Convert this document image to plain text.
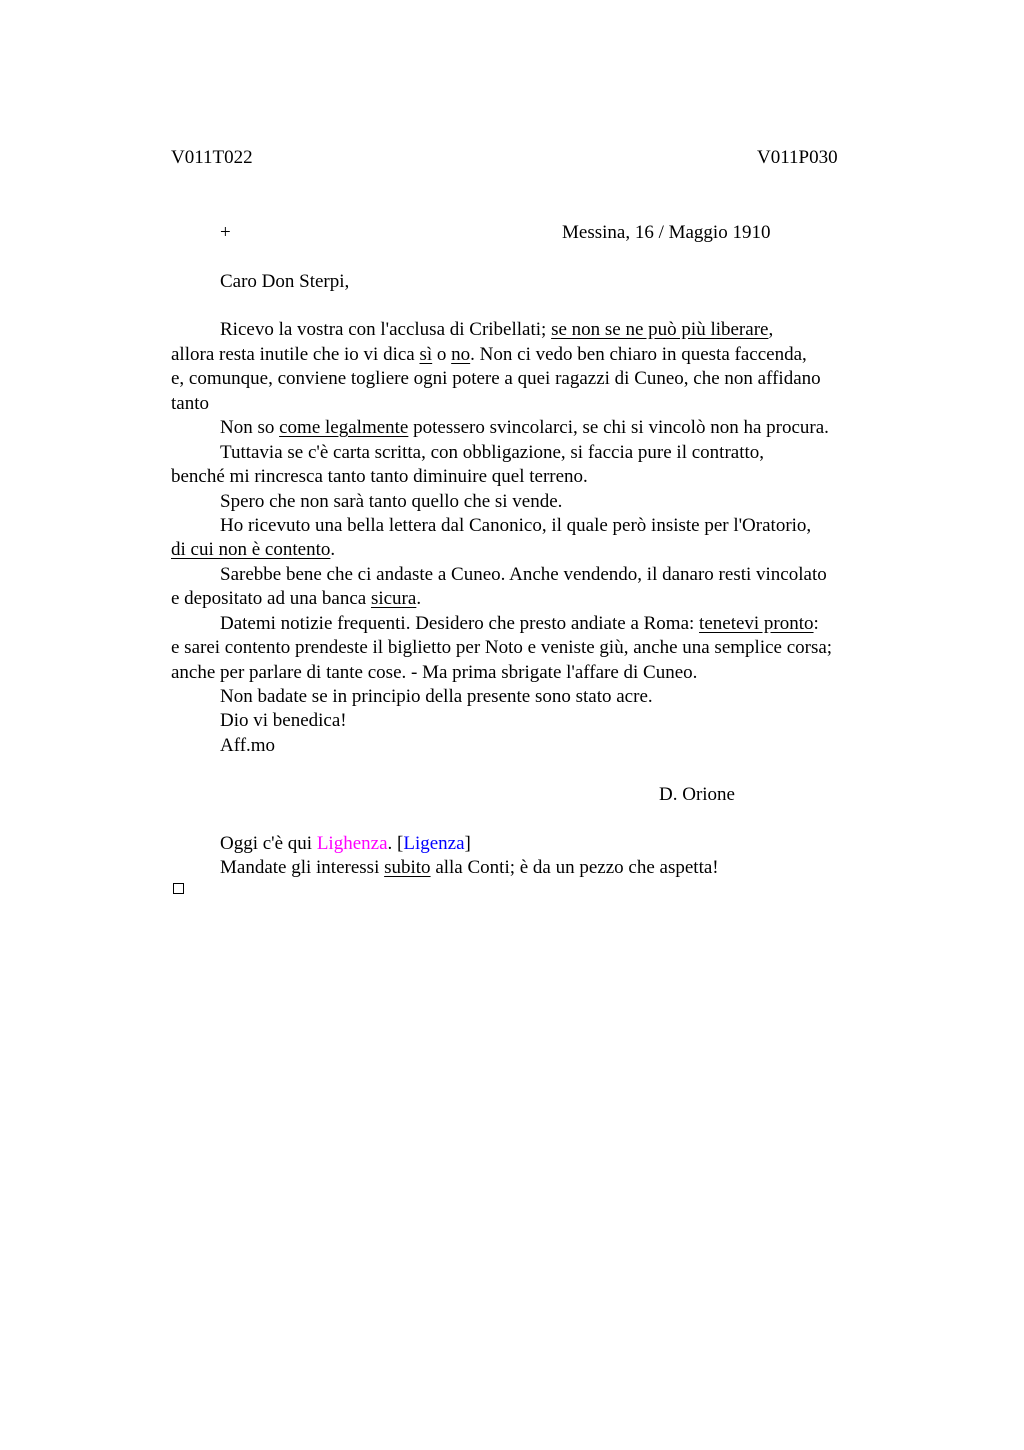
V011T022	V011P030
+	Messina, 16 / Maggio 1910
Caro Don Sterpi,
Ricevo la vostra con l'acclusa di Cribellati; se non se ne può più liberare,
allora resta inutile che io vi dica sì o no. Non ci vedo ben chiaro in questa faccenda,
e, comunque, conviene togliere ogni potere a quei ragazzi di Cuneo, che non affidano
tanto
Non so come legalmente potessero svincolarci, se chi si vincolò non ha procura.
Tuttavia se c'è carta scritta, con obbligazione, si faccia pure il contratto,
benché mi rincresca tanto tanto diminuire quel terreno.
Spero che non sarà tanto quello che si vende.
Ho ricevuto una bella lettera dal Canonico, il quale però insiste per l'Oratorio,
di cui non è contento.
Sarebbe bene che ci andaste a Cuneo. Anche vendendo, il danaro resti vincolato
e depositato ad una banca sicura.
Datemi notizie frequenti. Desidero che presto andiate a Roma: tenetevi pronto:
e sarei contento prendeste il biglietto per Noto e veniste giù, anche una semplice corsa;
anche per parlare di tante cose. - Ma prima sbrigate l'affare di Cuneo.
Non badate se in principio della presente sono stato acre.
Dio vi benedica!
Aff.mo
D. Orione
Oggi c'è qui Lighenza. [Ligenza]
Mandate gli interessi subito alla Conti; è da un pezzo che aspetta!
